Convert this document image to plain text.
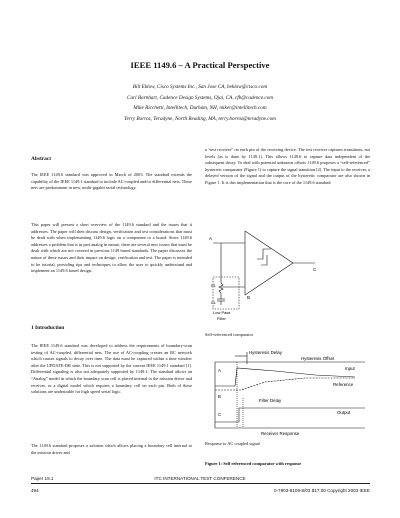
IEEE 1149.6 – A Practical Perspective
Bill Eklow, Cisco Systems Inc., San Jose CA, beklow@cisco.com
Carl Barnhart, Cadence Design Systems, Ojai, CA, cfb@cadence.com
Mike Ricchetti, Intellitech, Durham, NH, miker@intellitech.com
Terry Borroz, Teradyne, North Reading, MA, terry.borroz@teradyne.com
Abstract
The IEEE 1149.6 standard was approved in March of 2003. The standard extends the capability of the IEEE 1149.1 standard to include AC-coupled and/or differential nets. These nets are predominant in new, multi-gigabit serial technology.
This paper will present a short overview of the 1149.6 standard and the issues that it addresses. The paper will then discuss design, verification and test considerations that must be dealt with when implementing 1149.6 logic on a component or a board. Since 1149.6 addresses a problem that is in part analog in nature, there are several new issues that must be dealt with which are not covered in previous 1149 based standards. The paper discusses the nature of these issues and their impact on design, verification and test. The paper is intended to be tutorial, providing tips and techniques to allow the user to quickly understand and implement an 1149.6 based design.
1 Introduction
The IEEE 1149.6 standard was developed to address the requirements of boundary-scan testing of AC-coupled, differential nets. The use of AC-coupling creates an RC network which causes signals to decay over time. The data must be captured within a time window after the UPDATE-DR state. This is not supported by the current IEEE 1149.1 standard [1]. Differential signaling is also not adequately supported by 1149.1. The standard allows an “Analog” model in which the boundary scan cell is placed internal to the mission driver and receiver, or a digital model which requires a boundary cell on each pin. Both of these solutions are undesirable for high speed serial logic.
The 1149.6 standard proposes a solution which allows placing a boundary cell internal to the mission driver and
a “test receiver” on each pin of the receiving device. The test receiver captures transitions, not levels (as is done by 1149.1). This allows 1149.6 to capture data independent of the subsequent decay. To deal with potential unknown offsets 1149.6 proposes a “self-referenced” hysteretic comparator (Figure 1) to capture the signal transition [2]. The input to the receiver, a delayed version of the signal and the output of the hysteretic comparator are also shown in Figure 1. It is this implementation that is the core of the 1149.6 standard.
A
B
C
R1
C1
Low Pass
Filter
Self-referenced comparator
Hysteresis Delay
Hysteresis Offset
Input
Reference
Filter Delay
Output
Receiver Response
A
B
C
Response to AC coupled signal
Figure 1: Self referenced comparator with response
Paper 19.1	ITC INTERNATIONAL TEST CONFERENCE
494	0-7803-8106-8/03 $17.00 Copyright 2003 IEEE
